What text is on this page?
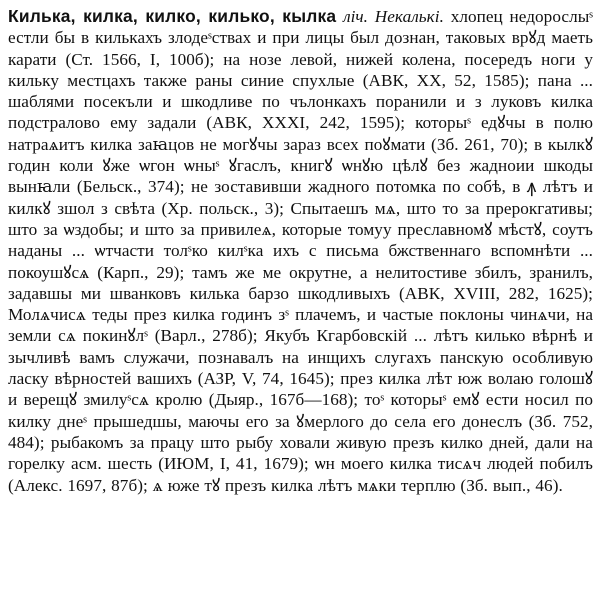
Килька, килка, килко, килько, кылка ліч. Некалькі. хлопец недорослыˢ естли бы в килькахъ злодеˢствах и при лицы был дознан, таковых врꙋд маеть карати (Ст. 1566, I, 100б); на нозе левой, нижей колена, посередъ ноги у кильку местцахъ также раны синие спухлые (АВК, XX, 52, 1585); пана ... шаблями посекъли и шкодливе по чълонкахъ поранили и з луковъ килка подстралово ему задали (АВК, XXXI, 242, 1595); которыˢ едꙋчы в полю натраѧитъ килка заꙗцов не могꙋчы зараз всех поꙋмати (Зб. 261, 70); в кылкꙋ годин коли ꙋже ѡгон ѡныˢ ꙋгаслъ, книгꙋ ѡнꙋю цѣлꙋ без жадноии шкоды вынꙗли (Бельск., 374); не зоставивши жадного потомка по собѣ, в ꙟ лѣтъ и килкꙋ зшол з свѣта (Хр. польск., 3); Спытаешъ мѧ, што то за прерокгативы; што за ѡздобы; и што за привилеѧ, которые томуу преславномꙋ мѣстꙋ, соутъ наданы ... ѡтчасти толˢко килˢка ихъ с письма бжственнаго вспомнѣти ... покоушꙋсѧ (Карп., 29); тамъ же ме окрутне, а нелитостиве збилъ, зранилъ, задавшы ми шванковъ килька барзо шкодливыхъ (АВК, XVIII, 282, 1625); Молѧчисѧ теды през килка годинъ зˢ плачемъ, и частые поклоны чинѧчи, на земли сѧ покинꙋлˢ (Варл., 278б); Якубъ Кгарбовскій ... лѣтъ килько вѣрнѣ и зычливѣ вамъ служачи, познавалъ на инщихъ слугахъ панскую особливую ласку вѣрностей вашихъ (АЗР, V, 74, 1645); през килка лѣт юж волаю голошꙋ и верещꙋ змилуˢсѧ кролю (Дыяр., 167б—168); тоˢ которыˢ емꙋ ести носил по килку днеˢ прышедшы, маючы его за ꙋмерлого до села его донеслъ (Зб. 752, 484); рыбакомъ за працу што рыбу ховали живую презъ килко дней, дали на горелку асм. шесть (ИЮМ, I, 41, 1679); ѡн моего килка тисѧч людей побилъ (Алекс. 1697, 87б); ѧ юже тꙋ презъ килка лѣтъ мѧки терплю (Зб. вып., 46).
